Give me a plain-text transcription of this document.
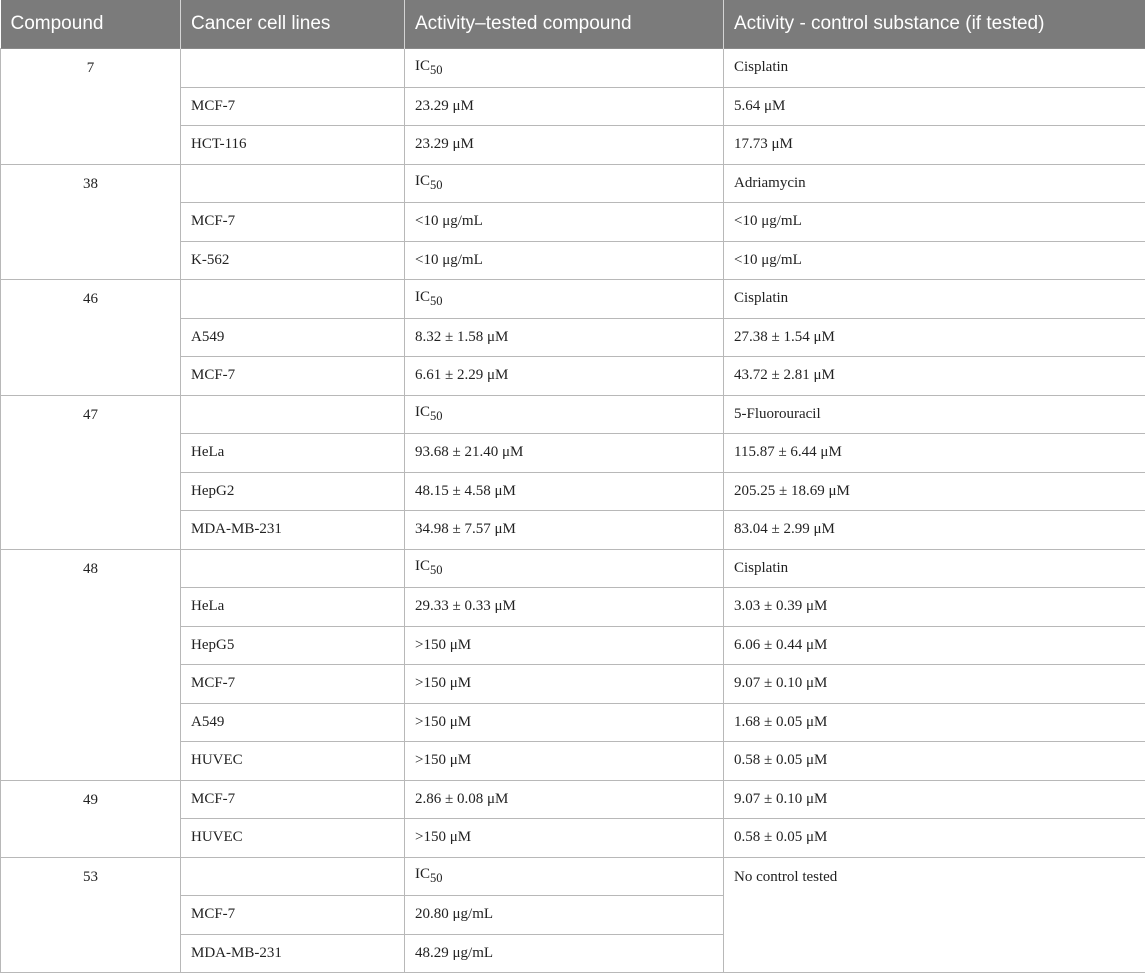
Compound	Cancer cell lines	Activity–tested compound	Activity - control substance (if tested)
7		$IC_{50}$	Cisplatin
	MCF-7	23.29 μM	5.64 μM
	HCT-116	23.29 μM	17.73 μM
38		$IC_{50}$	Adriamycin
	MCF-7	<10 μg/mL	<10 μg/mL
	K-562	<10 μg/mL	<10 μg/mL
46		$IC_{50}$	Cisplatin
	A549	8.32 ± 1.58 μM	27.38 ± 1.54 μM
	MCF-7	6.61 ± 2.29 μM	43.72 ± 2.81 μM
47		$IC_{50}$	5-Fluorouracil
	HeLa	93.68 ± 21.40 μM	115.87 ± 6.44 μM
	HepG2	48.15 ± 4.58 μM	205.25 ± 18.69 μM
	MDA-MB-231	34.98 ± 7.57 μM	83.04 ± 2.99 μM
48		$IC_{50}$	Cisplatin
	HeLa	29.33 ± 0.33 μM	3.03 ± 0.39 μM
	HepG5	>150 μM	6.06 ± 0.44 μM
	MCF-7	>150 μM	9.07 ± 0.10 μM
	A549	>150 μM	1.68 ± 0.05 μM
	HUVEC	>150 μM	0.58 ± 0.05 μM
49	MCF-7	2.86 ± 0.08 μM	9.07 ± 0.10 μM
	HUVEC	>150 μM	0.58 ± 0.05 μM
53		$IC_{50}$	No control tested
	MCF-7	20.80 μg/mL	
	MDA-MB-231	48.29 μg/mL	
